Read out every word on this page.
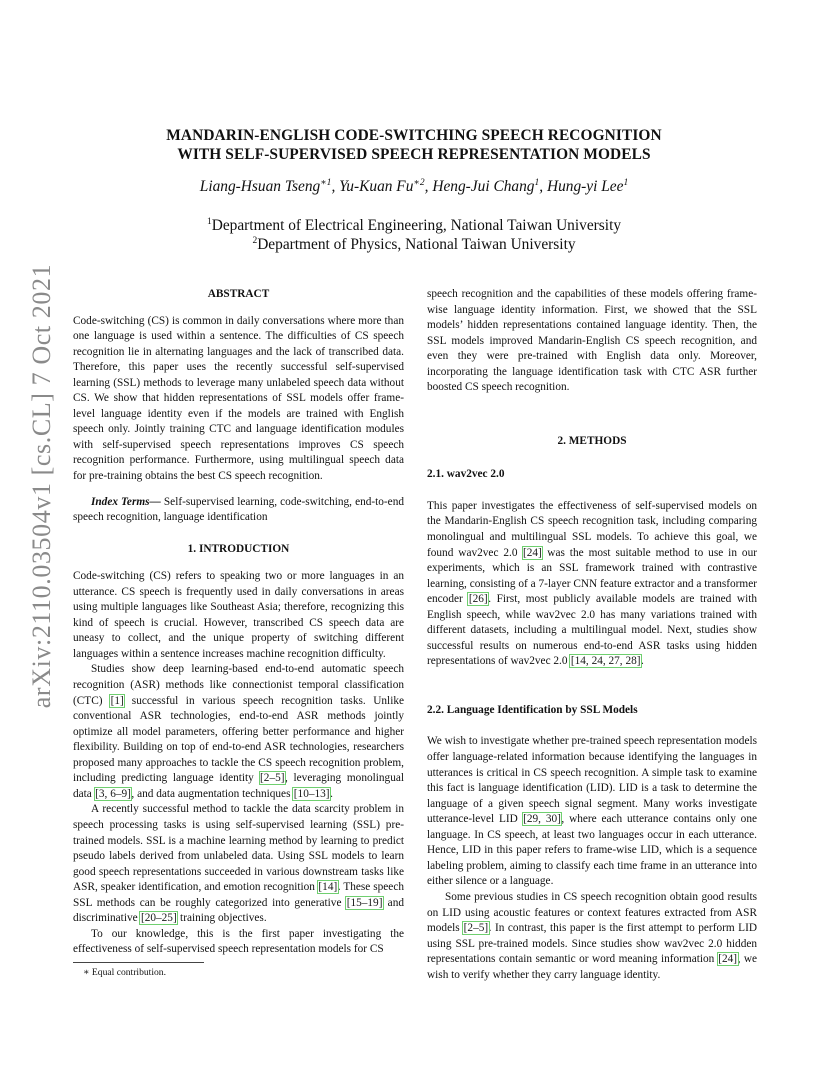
arXiv:2110.03504v1 [cs.CL] 7 Oct 2021
MANDARIN-ENGLISH CODE-SWITCHING SPEECH RECOGNITION
WITH SELF-SUPERVISED SPEECH REPRESENTATION MODELS
Liang-Hsuan Tseng$^{∗1}$, Yu-Kuan $Fu^{∗2}$, Heng-Jui Chang$^1$, Hung-yi Lee$^1$
$^1$Department of Electrical Engineering, National Taiwan University
$^2$Department of Physics, National Taiwan University
ABSTRACT

Code-switching (CS) is common in daily conversations where more than one language is used within a sentence. The difficulties of CS speech recognition lie in alternating languages and the lack of transcribed data. Therefore, this paper uses the recently successful self-supervised learning (SSL) methods to leverage many unlabeled speech data without CS. We show that hidden representations of SSL models offer frame-level language identity even if the models are trained with English speech only. Jointly training CTC and language identification modules with self-supervised speech representations improves CS speech recognition performance. Furthermore, using multilingual speech data for pre-training obtains the best CS speech recognition.

Index Terms— Self-supervised learning, code-switching, end-to-end speech recognition, language identification

1. INTRODUCTION

Code-switching (CS) refers to speaking two or more languages in an utterance. CS speech is frequently used in daily conversations in areas using multiple languages like Southeast Asia; therefore, recognizing this kind of speech is crucial. However, transcribed CS speech data are uneasy to collect, and the unique property of switching different languages within a sentence increases machine recognition difficulty.

Studies show deep learning-based end-to-end automatic speech recognition (ASR) methods like connectionist temporal classification (CTC) [1] successful in various speech recognition tasks. Unlike conventional ASR technologies, end-to-end ASR methods jointly optimize all model parameters, offering better performance and higher flexibility. Building on top of end-to-end ASR technologies, researchers proposed many approaches to tackle the CS speech recognition problem, including predicting language identity [2–5], leveraging monolingual data [3, 6–9], and data augmentation techniques [10–13].

A recently successful method to tackle the data scarcity problem in speech processing tasks is using self-supervised learning (SSL) pre-trained models. SSL is a machine learning method by learning to predict pseudo labels derived from unlabeled data. Using SSL models to learn good speech representations succeeded in various downstream tasks like ASR, speaker identification, and emotion recognition [14]. These speech SSL methods can be roughly categorized into generative [15–19] and discriminative [20–25] training objectives.

To our knowledge, this is the first paper investigating the effectiveness of self-supervised speech representation models for CS

∗ Equal contribution.

speech recognition and the capabilities of these models offering frame-wise language identity information. First, we showed that the SSL models’ hidden representations contained language identity. Then, the SSL models improved Mandarin-English CS speech recognition, and even they were pre-trained with English data only. Moreover, incorporating the language identification task with CTC ASR further boosted CS speech recognition.

2. METHODS
2.1. wav2vec 2.0

This paper investigates the effectiveness of self-supervised models on the Mandarin-English CS speech recognition task, including comparing monolingual and multilingual SSL models. To achieve this goal, we found wav2vec 2.0 [24] was the most suitable method to use in our experiments, which is an SSL framework trained with contrastive learning, consisting of a 7-layer CNN feature extractor and a transformer encoder [26]. First, most publicly available models are trained with English speech, while wav2vec 2.0 has many variations trained with different datasets, including a multilingual model. Next, studies show successful results on numerous end-to-end ASR tasks using hidden representations of wav2vec 2.0 [14, 24, 27, 28].

2.2. Language Identification by SSL Models

We wish to investigate whether pre-trained speech representation models offer language-related information because identifying the languages in utterances is critical in CS speech recognition. A simple task to examine this fact is language identification (LID). LID is a task to determine the language of a given speech signal segment. Many works investigate utterance-level LID [29, 30], where each utterance contains only one language. In CS speech, at least two languages occur in each utterance. Hence, LID in this paper refers to frame-wise LID, which is a sequence labeling problem, aiming to classify each time frame in an utterance into either silence or a language.

Some previous studies in CS speech recognition obtain good results on LID using acoustic features or context features extracted from ASR models [2–5]. In contrast, this paper is the first attempt to perform LID using SSL pre-trained models. Since studies show wav2vec 2.0 hidden representations contain semantic or word meaning information [24], we wish to verify whether they carry language identity.
